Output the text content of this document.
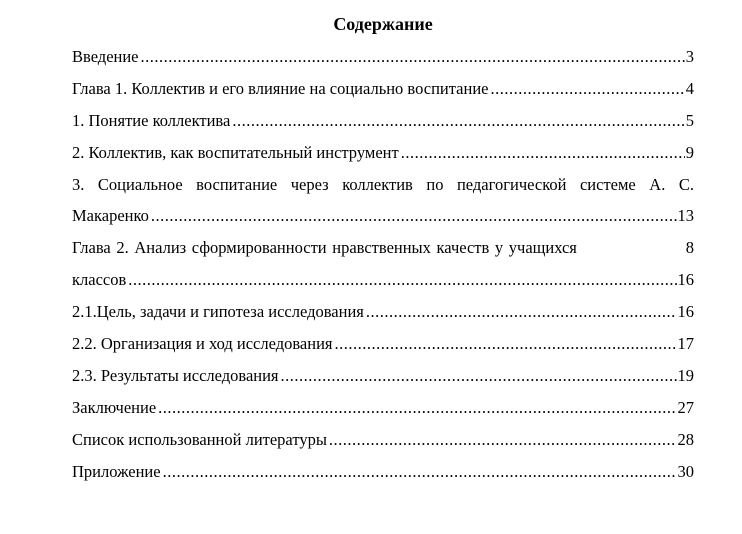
Содержание
Введение .....	3
Глава 1. Коллектив и его влияние на социально воспитание .....	4
1. Понятие коллектива .....	5
2. Коллектив, как воспитательный инструмент .....	9
3. Социальное воспитание через коллектив по педагогической системе А. С.
Макаренко .....	13
Глава 2. Анализ сформированности нравственных качеств у учащихся	8
классов .....	16
2.1.Цель, задачи и гипотеза исследования .....	16
2.2. Организация и ход исследования .....	17
2.3. Результаты исследования .....	19
Заключение .....	27
Список использованной литературы .....	28
Приложение .....	30
